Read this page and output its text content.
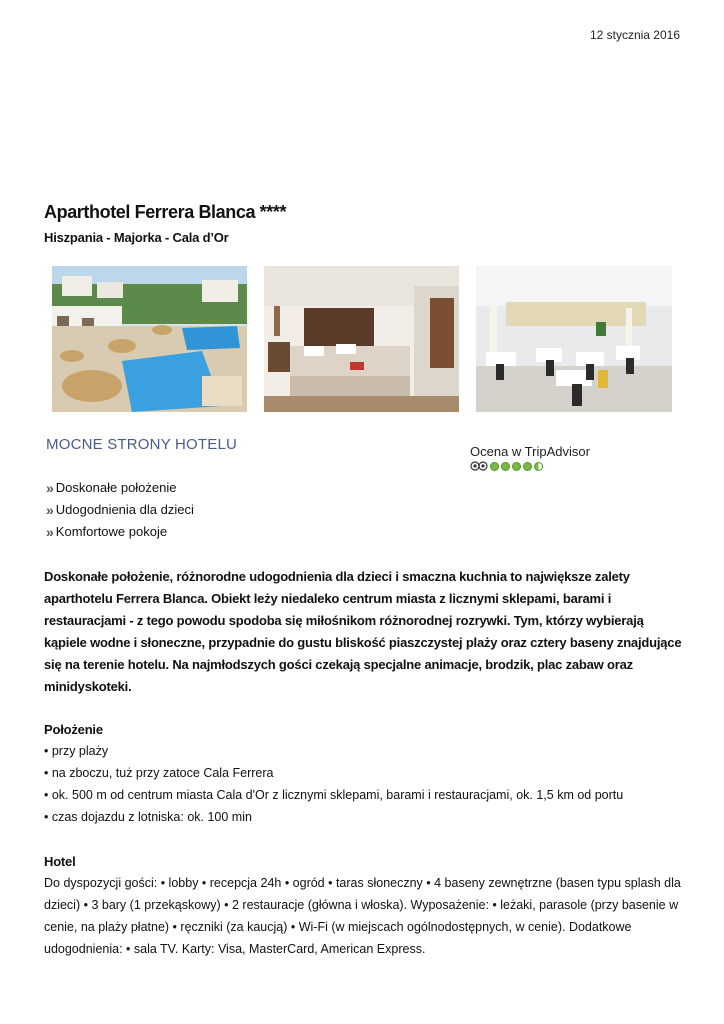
12 stycznia 2016
Aparthotel Ferrera Blanca ****
Hiszpania - Majorka - Cala d’Or
MOCNE STRONY HOTELU	Ocena w TripAdvisor
» Doskonałe położenie
» Udogodnienia dla dzieci
» Komfortowe pokoje
Doskonałe położenie, różnorodne udogodnienia dla dzieci i smaczna kuchnia to największe zalety aparthotelu Ferrera Blanca. Obiekt leży niedaleko centrum miasta z licznymi sklepami, barami i restauracjami - z tego powodu spodoba się miłośnikom różnorodnej rozrywki. Tym, którzy wybierają kąpiele wodne i słoneczne, przypadnie do gustu bliskość piaszczystej plaży oraz cztery baseny znajdujące się na terenie hotelu. Na najmłodszych gości czekają specjalne animacje, brodzik, plac zabaw oraz minidyskoteki.
Położenie
• przy plaży
• na zboczu, tuż przy zatoce Cala Ferrera
• ok. 500 m od centrum miasta Cala d'Or z licznymi sklepami, barami i restauracjami, ok. 1,5 km od portu
• czas dojazdu z lotniska: ok. 100 min
Hotel
Do dyspozycji gości: • lobby • recepcja 24h • ogród • taras słoneczny • 4 baseny zewnętrzne (basen typu splash dla dzieci) • 3 bary (1 przekąskowy) • 2 restauracje (główna i włoska). Wyposażenie: • leżaki, parasole (przy basenie w cenie, na plaży płatne) • ręczniki (za kaucją) • Wi-Fi (w miejscach ogólnodostępnych, w cenie). Dodatkowe udogodnienia: • sala TV. Karty: Visa, MasterCard, American Express.
